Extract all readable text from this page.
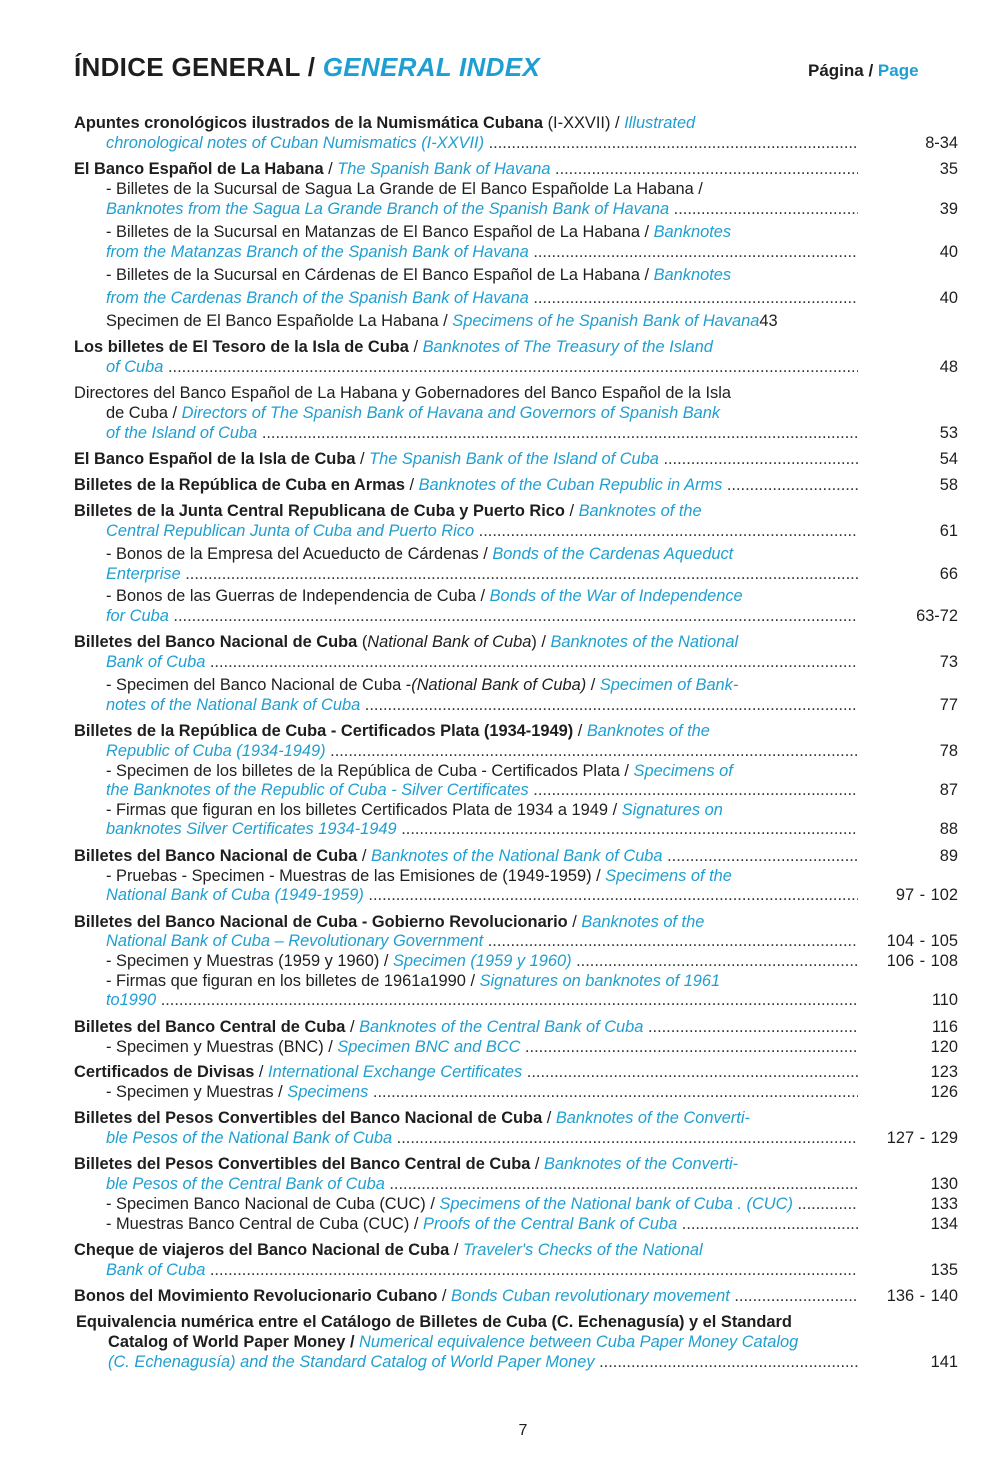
ÍNDICE GENERAL / GENERAL INDEX	Página / Page
Apuntes cronológicos ilustrados de la Numismática Cubana (I-XXVII) / Illustrated
chronological notes of Cuban Numismatics (I-XXVII) .....	8-34
El Banco Español de La Habana / The Spanish Bank of Havana .....	35
- Billetes de la Sucursal de Sagua La Grande de El Banco Españolde La Habana /
Banknotes from the Sagua La Grande Branch of the Spanish Bank of Havana .....	39
- Billetes de la Sucursal en Matanzas de El Banco Español de La Habana / Banknotes
from the Matanzas Branch of the Spanish Bank of Havana .....	40
- Billetes de la Sucursal en Cárdenas de El Banco Español de La Habana / Banknotes
from the Cardenas Branch of the Spanish Bank of Havana .....	40
Specimen de El Banco Españolde La Habana / Specimens of he Spanish Bank of Havana43
Los billetes de El Tesoro de la Isla de Cuba / Banknotes of The Treasury of the Island
of Cuba .....	48
Directores del Banco Español de La Habana y Gobernadores del Banco Español de la Isla
de Cuba / Directors of The Spanish Bank of Havana and Governors of Spanish Bank
of the Island of Cuba .....	53
El Banco Español de la Isla de Cuba / The Spanish Bank of the Island of Cuba .....	54
Billetes de la República de Cuba en Armas / Banknotes of the Cuban Republic in Arms .....	58
Billetes de la Junta Central Republicana de Cuba y Puerto Rico / Banknotes of the
Central Republican Junta of Cuba and Puerto Rico .....	61
- Bonos de la Empresa del Acueducto de Cárdenas / Bonds of the Cardenas Aqueduct
Enterprise .....	66
- Bonos de las Guerras de Independencia de Cuba / Bonds of the War of Independence
for Cuba .....	63-72
Billetes del Banco Nacional de Cuba (National Bank of Cuba) / Banknotes of the National
Bank of Cuba .....	73
- Specimen del Banco Nacional de Cuba -(National Bank of Cuba) / Specimen of Bank-
notes of the National Bank of Cuba .....	77
Billetes de la República de Cuba - Certificados Plata (1934-1949) / Banknotes of the
Republic of Cuba (1934-1949) .....	78
- Specimen de los billetes de la República de Cuba - Certificados Plata / Specimens of
the Banknotes of the Republic of Cuba - Silver Certificates .....	87
- Firmas que figuran en los billetes Certificados Plata de 1934 a 1949 / Signatures on
banknotes Silver Certificates 1934-1949 .....	88
Billetes del Banco Nacional de Cuba / Banknotes of the National Bank of Cuba .....	89
- Pruebas - Specimen - Muestras de las Emisiones de (1949-1959) / Specimens of the
National Bank of Cuba (1949-1959) .....	97 - 102
Billetes del Banco Nacional de Cuba - Gobierno Revolucionario / Banknotes of the
National Bank of Cuba – Revolutionary Government .....	104 - 105
- Specimen y Muestras (1959 y 1960) / Specimen (1959 y 1960) .....	106 - 108
- Firmas que figuran en los billetes de 1961a1990 / Signatures on banknotes of 1961
to1990 .....	110
Billetes del Banco Central de Cuba / Banknotes of the Central Bank of Cuba .....	116
- Specimen y Muestras (BNC) / Specimen BNC and BCC .....	120
Certificados de Divisas / International Exchange Certificates .....	123
- Specimen y Muestras / Specimens .....	126
Billetes del Pesos Convertibles del Banco Nacional de Cuba / Banknotes of the Converti-
ble Pesos of the National Bank of Cuba .....	127 - 129
Billetes del Pesos Convertibles del Banco Central de Cuba / Banknotes of the Converti-
ble Pesos of the Central Bank of Cuba .....	130
- Specimen Banco Nacional de Cuba (CUC) / Specimens of the National bank of Cuba . (CUC) .....	133
- Muestras Banco Central de Cuba (CUC) / Proofs of the Central Bank of Cuba .....	134
Cheque de viajeros del Banco Nacional de Cuba / Traveler's Checks of the National
Bank of Cuba .....	135
Bonos del Movimiento Revolucionario Cubano / Bonds Cuban revolutionary movement .....	136 - 140
Equivalencia numérica entre el Catálogo de Billetes de Cuba (C. Echenagusía) y el Standard
Catalog of World Paper Money / Numerical equivalence between Cuba Paper Money Catalog
(C. Echenagusía) and the Standard Catalog of World Paper Money .....	141
7
